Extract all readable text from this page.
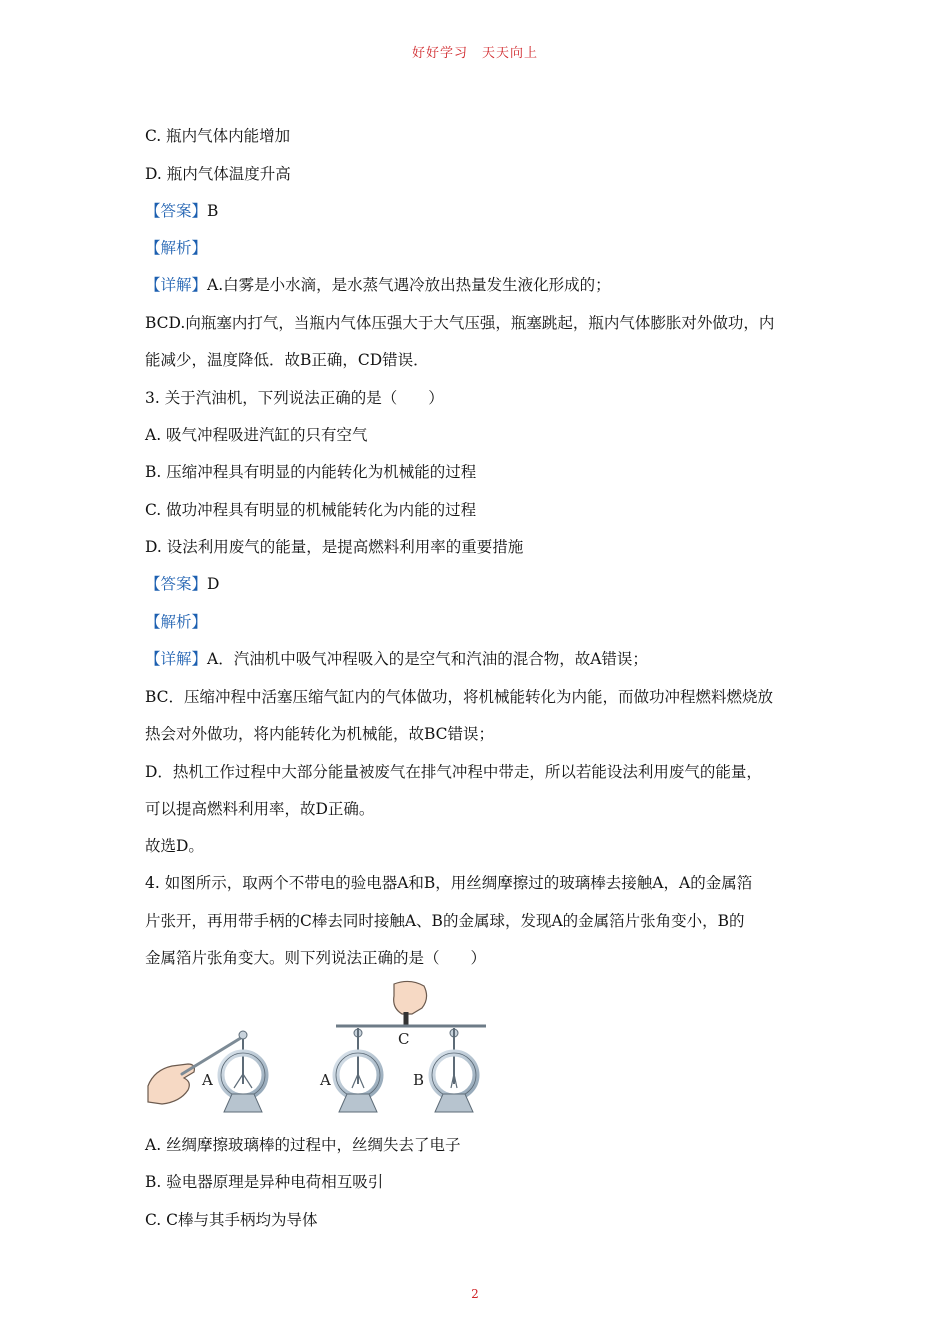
好好学习　天天向上
C. 瓶内气体内能增加
D. 瓶内气体温度升高
【答案】B
【解析】
【详解】A.白雾是小水滴，是水蒸气遇冷放出热量发生液化形成的；
BCD.向瓶塞内打气，当瓶内气体压强大于大气压强，瓶塞跳起，瓶内气体膨胀对外做功，内
能减少，温度降低．故B正确，CD错误．
3. 关于汽油机，下列说法正确的是（　　）
A. 吸气冲程吸进汽缸的只有空气
B. 压缩冲程具有明显的内能转化为机械能的过程
C. 做功冲程具有明显的机械能转化为内能的过程
D. 设法利用废气的能量，是提高燃料利用率的重要措施
【答案】D
【解析】
【详解】A．汽油机中吸气冲程吸入的是空气和汽油的混合物，故A错误；
BC．压缩冲程中活塞压缩气缸内的气体做功，将机械能转化为内能，而做功冲程燃料燃烧放
热会对外做功，将内能转化为机械能，故BC错误；
D．热机工作过程中大部分能量被废气在排气冲程中带走，所以若能设法利用废气的能量，
可以提高燃料利用率，故D正确。
故选D。
4. 如图所示，取两个不带电的验电器A和B，用丝绸摩擦过的玻璃棒去接触A，A的金属箔
片张开，再用带手柄的C棒去同时接触A、B的金属球，发现A的金属箔片张角变小，B的
金属箔片张角变大。则下列说法正确的是（　　）
A
C
A	B
A. 丝绸摩擦玻璃棒的过程中，丝绸失去了电子
B. 验电器原理是异种电荷相互吸引
C. C棒与其手柄均为导体
2
